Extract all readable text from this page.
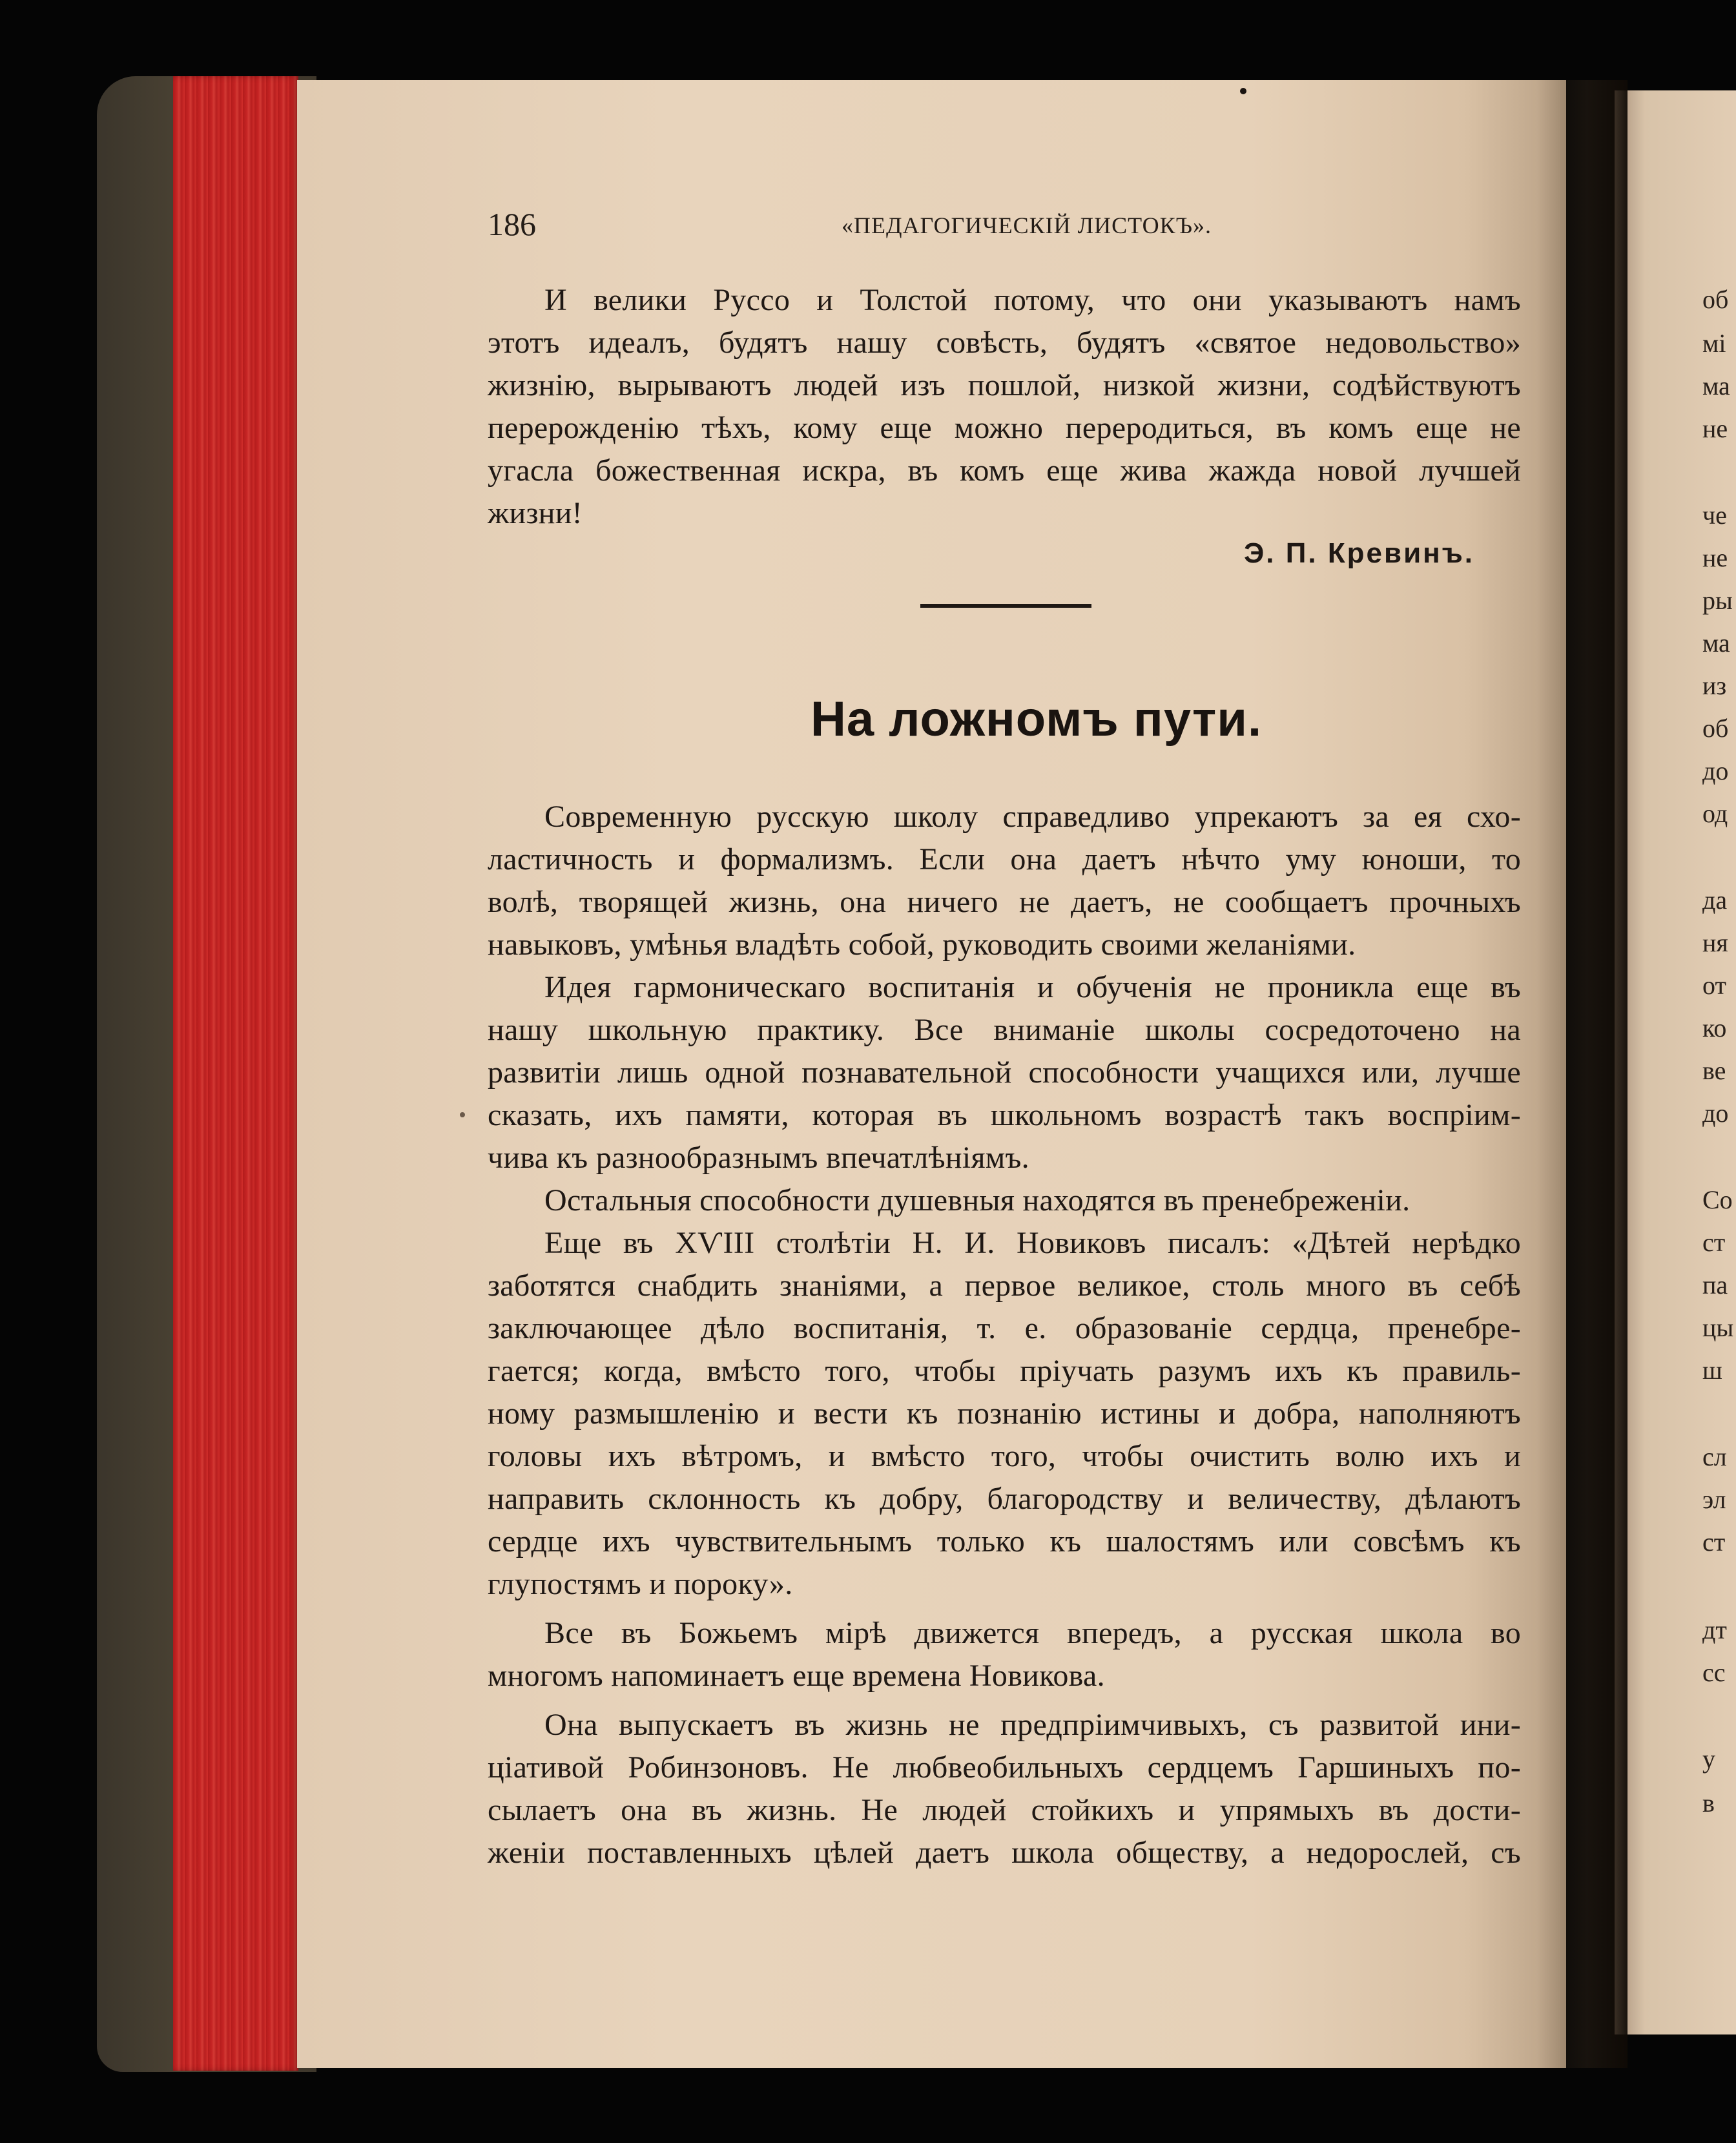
об
мі
ма
не
че
не
ры
ма
из
об
до
од
да
ня
от
ко
ве
до
Со
ст
па
цы
ш
сл
эл
ст
дт
сс
у
в
186	«ПЕДАГОГИЧЕСКІЙ ЛИСТОКЪ».
И велики Руссо и Толстой потому, что они указываютъ намъ
этотъ идеалъ, будятъ нашу совѣсть, будятъ «святое недовольство»
жизнію, вырываютъ людей изъ пошлой, низкой жизни, содѣйствуютъ
перерожденію тѣхъ, кому еще можно переродиться, въ комъ еще не
угасла божественная искра, въ комъ еще жива жажда новой лучшей
жизни!
Э. П. Кревинъ.
На ложномъ пути.
Современную русскую школу справедливо упрекаютъ за ея схо-
ластичность и формализмъ. Если она даетъ нѣчто уму юноши, то
волѣ, творящей жизнь, она ничего не даетъ, не сообщаетъ прочныхъ
навыковъ, умѣнья владѣть собой, руководить своими желаніями.
Идея гармоническаго воспитанія и обученія не проникла еще въ
нашу школьную практику. Все вниманіе школы сосредоточено на
развитіи лишь одной познавательной способности учащихся или, лучше
сказать, ихъ памяти, которая въ школьномъ возрастѣ такъ воспріим-
чива къ разнообразнымъ впечатлѣніямъ.
Остальныя способности душевныя находятся въ пренебреженіи.
Еще въ XѴIII столѣтіи Н. И. Новиковъ писалъ: «Дѣтей нерѣдко
заботятся снабдить знаніями, а первое великое, столь много въ себѣ
заключающее дѣло воспитанія, т. е. образованіе сердца, пренебре-
гается; когда, вмѣсто того, чтобы пріучать разумъ ихъ къ правиль-
ному размышленію и вести къ познанію истины и добра, наполняютъ
головы ихъ вѣтромъ, и вмѣсто того, чтобы очистить волю ихъ и
направить склонность къ добру, благородству и величеству, дѣлаютъ
сердце ихъ чувствительнымъ только къ шалостямъ или совсѣмъ къ
глупостямъ и пороку».
Все въ Божьемъ мірѣ движется впередъ, а русская школа во
многомъ напоминаетъ еще времена Новикова.
Она выпускаетъ въ жизнь не предпріимчивыхъ, съ развитой ини-
ціативой Робинзоновъ. Не любвеобильныхъ сердцемъ Гаршиныхъ по-
сылаетъ она въ жизнь. Не людей стойкихъ и упрямыхъ въ дости-
женіи поставленныхъ цѣлей даетъ школа обществу, а недорослей, съ
